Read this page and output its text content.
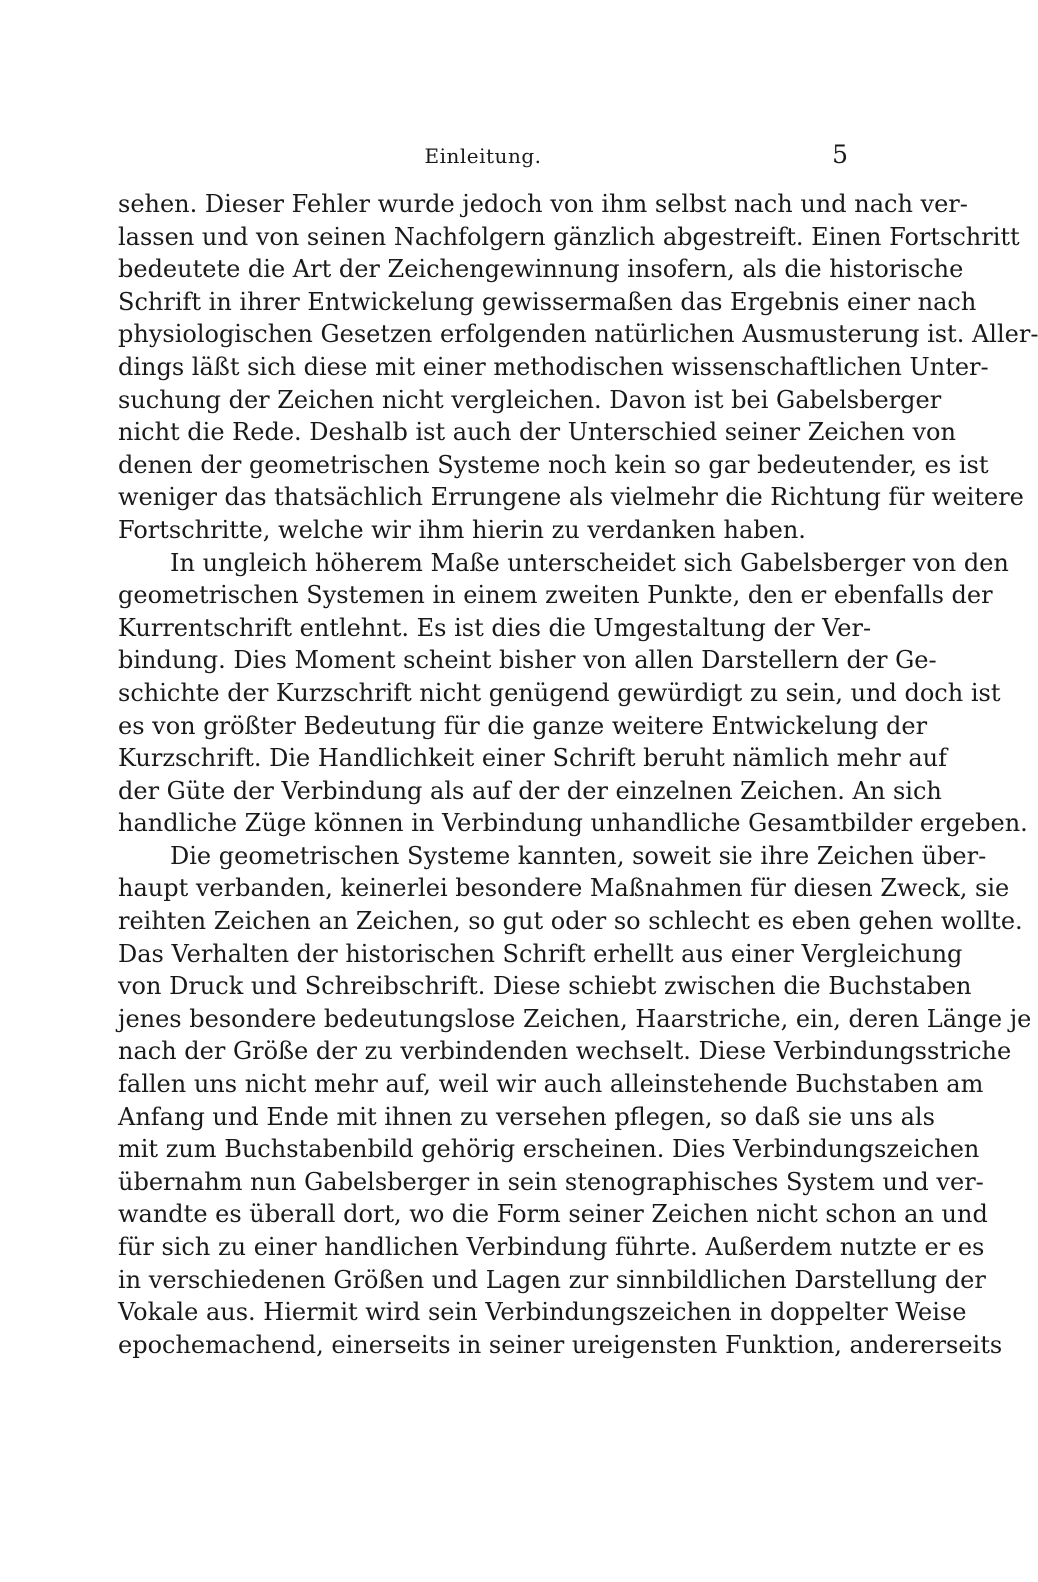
Einleitung.	5
sehen. Dieser Fehler wurde jedoch von ihm selbst nach und nach ver-
lassen und von seinen Nachfolgern gänzlich abgestreift. Einen Fortschritt
bedeutete die Art der Zeichengewinnung insofern, als die historische
Schrift in ihrer Entwickelung gewissermaßen das Ergebnis einer nach
physiologischen Gesetzen erfolgenden natürlichen Ausmusterung ist. Aller-
dings läßt sich diese mit einer methodischen wissenschaftlichen Unter-
suchung der Zeichen nicht vergleichen. Davon ist bei Gabelsberger
nicht die Rede. Deshalb ist auch der Unterschied seiner Zeichen von
denen der geometrischen Systeme noch kein so gar bedeutender, es ist
weniger das thatsächlich Errungene als vielmehr die Richtung für weitere
Fortschritte, welche wir ihm hierin zu verdanken haben.
In ungleich höherem Maße unterscheidet sich Gabelsberger von den
geometrischen Systemen in einem zweiten Punkte, den er ebenfalls der
Kurrentschrift entlehnt. Es ist dies die Umgestaltung der Ver-
bindung. Dies Moment scheint bisher von allen Darstellern der Ge-
schichte der Kurzschrift nicht genügend gewürdigt zu sein, und doch ist
es von größter Bedeutung für die ganze weitere Entwickelung der
Kurzschrift. Die Handlichkeit einer Schrift beruht nämlich mehr auf
der Güte der Verbindung als auf der der einzelnen Zeichen. An sich
handliche Züge können in Verbindung unhandliche Gesamtbilder ergeben.
Die geometrischen Systeme kannten, soweit sie ihre Zeichen über-
haupt verbanden, keinerlei besondere Maßnahmen für diesen Zweck, sie
reihten Zeichen an Zeichen, so gut oder so schlecht es eben gehen wollte.
Das Verhalten der historischen Schrift erhellt aus einer Vergleichung
von Druck und Schreibschrift. Diese schiebt zwischen die Buchstaben
jenes besondere bedeutungslose Zeichen, Haarstriche, ein, deren Länge je
nach der Größe der zu verbindenden wechselt. Diese Verbindungsstriche
fallen uns nicht mehr auf, weil wir auch alleinstehende Buchstaben am
Anfang und Ende mit ihnen zu versehen pflegen, so daß sie uns als
mit zum Buchstabenbild gehörig erscheinen. Dies Verbindungszeichen
übernahm nun Gabelsberger in sein stenographisches System und ver-
wandte es überall dort, wo die Form seiner Zeichen nicht schon an und
für sich zu einer handlichen Verbindung führte. Außerdem nutzte er es
in verschiedenen Größen und Lagen zur sinnbildlichen Darstellung der
Vokale aus. Hiermit wird sein Verbindungszeichen in doppelter Weise
epochemachend, einerseits in seiner ureigensten Funktion, andererseits
